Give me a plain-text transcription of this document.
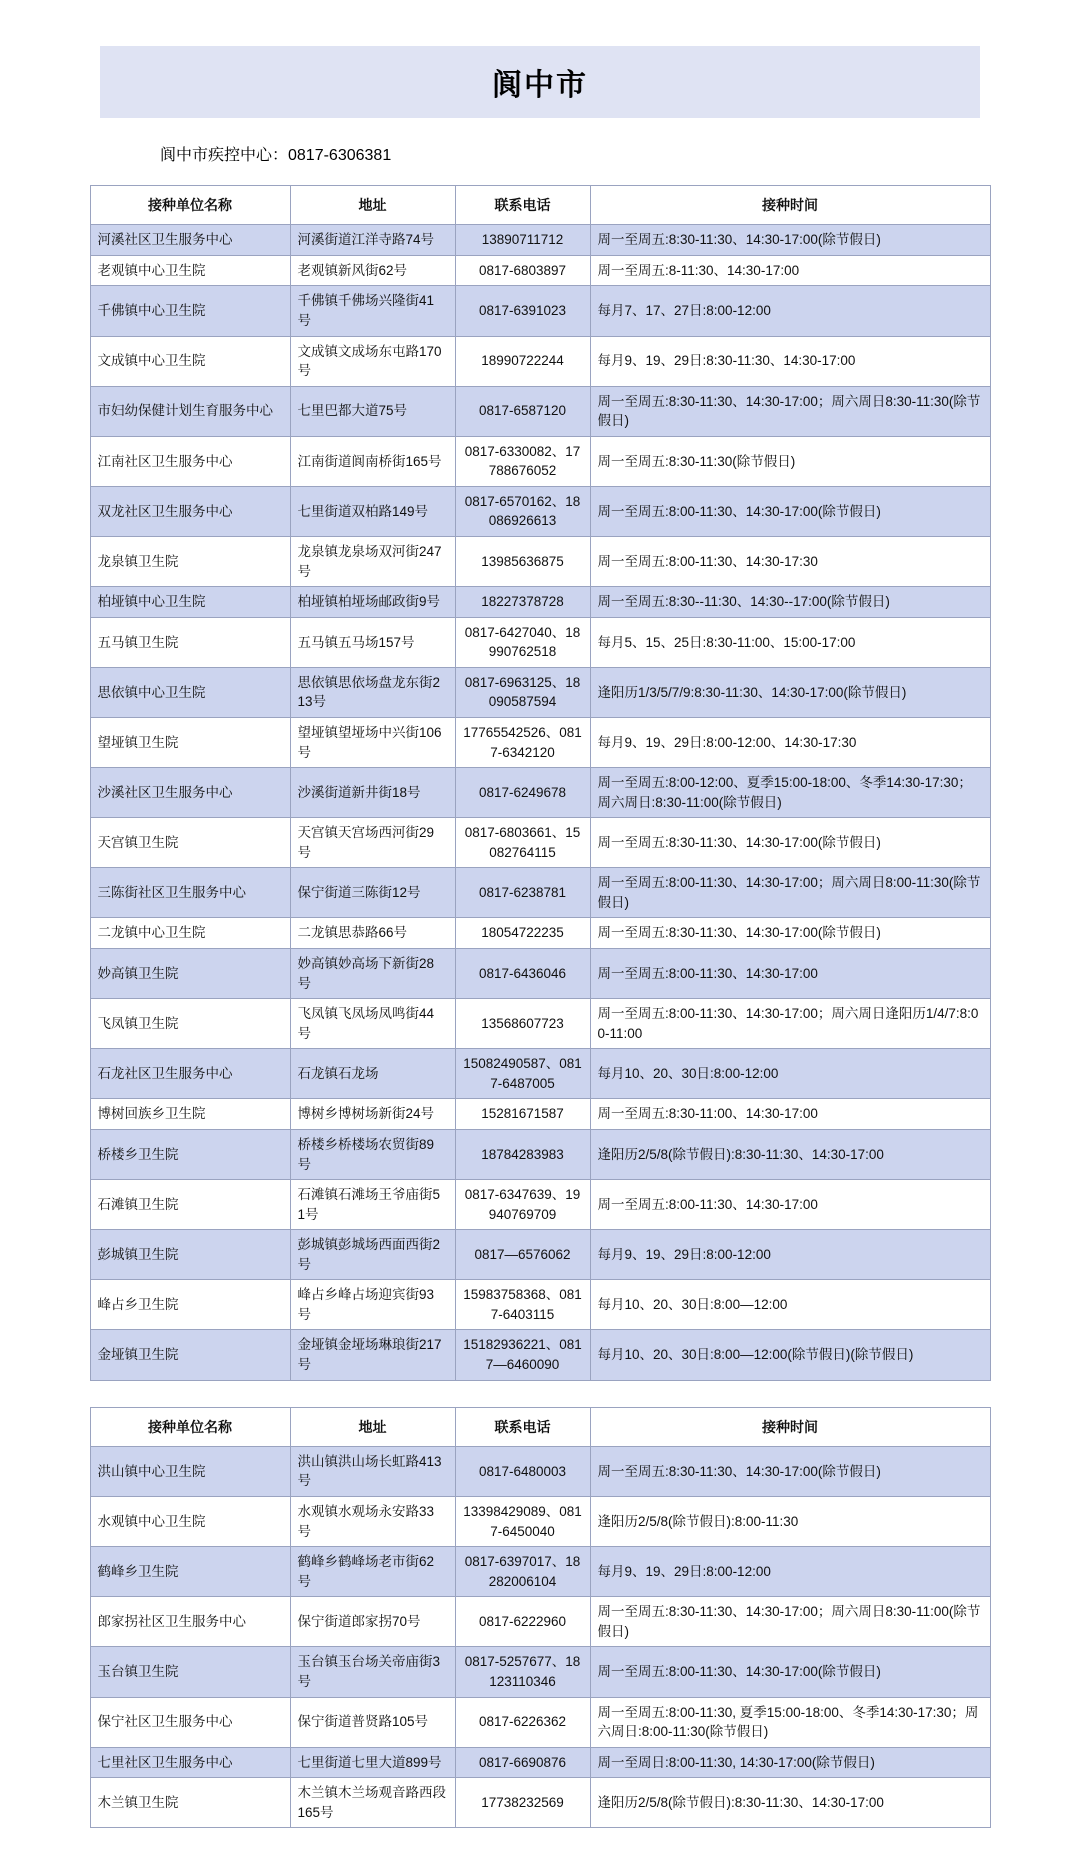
阆中市
阆中市疾控中心：0817-6306381
接种单位名称	地址	联系电话	接种时间
河溪社区卫生服务中心	河溪街道江洋寺路74号	13890711712	周一至周五:8:30-11:30、14:30-17:00(除节假日)
老观镇中心卫生院	老观镇新风街62号	0817-6803897	周一至周五:8-11:30、14:30-17:00
千佛镇中心卫生院	千佛镇千佛场兴隆街41号	0817-6391023	每月7、17、27日:8:00-12:00
文成镇中心卫生院	文成镇文成场东屯路170号	18990722244	每月9、19、29日:8:30-11:30、14:30-17:00
市妇幼保健计划生育服务中心	七里巴都大道75号	0817-6587120	周一至周五:8:30-11:30、14:30-17:00；周六周日8:30-11:30(除节假日)
江南社区卫生服务中心	江南街道阆南桥街165号	0817-6330082、17788676052	周一至周五:8:30-11:30(除节假日)
双龙社区卫生服务中心	七里街道双柏路149号	0817-6570162、18086926613	周一至周五:8:00-11:30、14:30-17:00(除节假日)
龙泉镇卫生院	龙泉镇龙泉场双河街247号	13985636875	周一至周五:8:00-11:30、14:30-17:30
柏垭镇中心卫生院	柏垭镇柏垭场邮政街9号	18227378728	周一至周五:8:30--11:30、14:30--17:00(除节假日)
五马镇卫生院	五马镇五马场157号	0817-6427040、18990762518	每月5、15、25日:8:30-11:00、15:00-17:00
思依镇中心卫生院	思依镇思依场盘龙东街213号	0817-6963125、18090587594	逢阳历1/3/5/7/9:8:30-11:30、14:30-17:00(除节假日)
望垭镇卫生院	望垭镇望垭场中兴街106号	17765542526、0817-6342120	每月9、19、29日:8:00-12:00、14:30-17:30
沙溪社区卫生服务中心	沙溪街道新井街18号	0817-6249678	周一至周五:8:00-12:00、夏季15:00-18:00、冬季14:30-17:30；周六周日:8:30-11:00(除节假日)
天宫镇卫生院	天宫镇天宫场西河街29号	0817-6803661、15082764115	周一至周五:8:30-11:30、14:30-17:00(除节假日)
三陈街社区卫生服务中心	保宁街道三陈街12号	0817-6238781	周一至周五:8:00-11:30、14:30-17:00；周六周日8:00-11:30(除节假日)
二龙镇中心卫生院	二龙镇思恭路66号	18054722235	周一至周五:8:30-11:30、14:30-17:00(除节假日)
妙高镇卫生院	妙高镇妙高场下新街28号	0817-6436046	周一至周五:8:00-11:30、14:30-17:00
飞凤镇卫生院	飞凤镇飞凤场凤鸣街44号	13568607723	周一至周五:8:00-11:30、14:30-17:00；周六周日逢阳历1/4/7:8:00-11:00
石龙社区卫生服务中心	石龙镇石龙场	15082490587、0817-6487005	每月10、20、30日:8:00-12:00
博树回族乡卫生院	博树乡博树场新街24号	15281671587	周一至周五:8:30-11:00、14:30-17:00
桥楼乡卫生院	桥楼乡桥楼场农贸街89号	18784283983	逢阳历2/5/8(除节假日):8:30-11:30、14:30-17:00
石滩镇卫生院	石滩镇石滩场王爷庙街51号	0817-6347639、19940769709	周一至周五:8:00-11:30、14:30-17:00
彭城镇卫生院	彭城镇彭城场西面西街2号	0817—6576062	每月9、19、29日:8:00-12:00
峰占乡卫生院	峰占乡峰占场迎宾街93号	15983758368、0817-6403115	每月10、20、30日:8:00—12:00
金垭镇卫生院	金垭镇金垭场琳琅街217号	15182936221、0817—6460090	每月10、20、30日:8:00—12:00(除节假日)(除节假日)
接种单位名称	地址	联系电话	接种时间
洪山镇中心卫生院	洪山镇洪山场长虹路413号	0817-6480003	周一至周五:8:30-11:30、14:30-17:00(除节假日)
水观镇中心卫生院	水观镇水观场永安路33号	13398429089、0817-6450040	逢阳历2/5/8(除节假日):8:00-11:30
鹤峰乡卫生院	鹤峰乡鹤峰场老市街62号	0817-6397017、18282006104	每月9、19、29日:8:00-12:00
郎家拐社区卫生服务中心	保宁街道郎家拐70号	0817-6222960	周一至周五:8:30-11:30、14:30-17:00；周六周日8:30-11:00(除节假日)
玉台镇卫生院	玉台镇玉台场关帝庙街3号	0817-5257677、18123110346	周一至周五:8:00-11:30、14:30-17:00(除节假日)
保宁社区卫生服务中心	保宁街道普贤路105号	0817-6226362	周一至周五:8:00-11:30, 夏季15:00-18:00、冬季14:30-17:30；周六周日:8:00-11:30(除节假日)
七里社区卫生服务中心	七里街道七里大道899号	0817-6690876	周一至周日:8:00-11:30, 14:30-17:00(除节假日)
木兰镇卫生院	木兰镇木兰场观音路西段165号	17738232569	逢阳历2/5/8(除节假日):8:30-11:30、14:30-17:00
